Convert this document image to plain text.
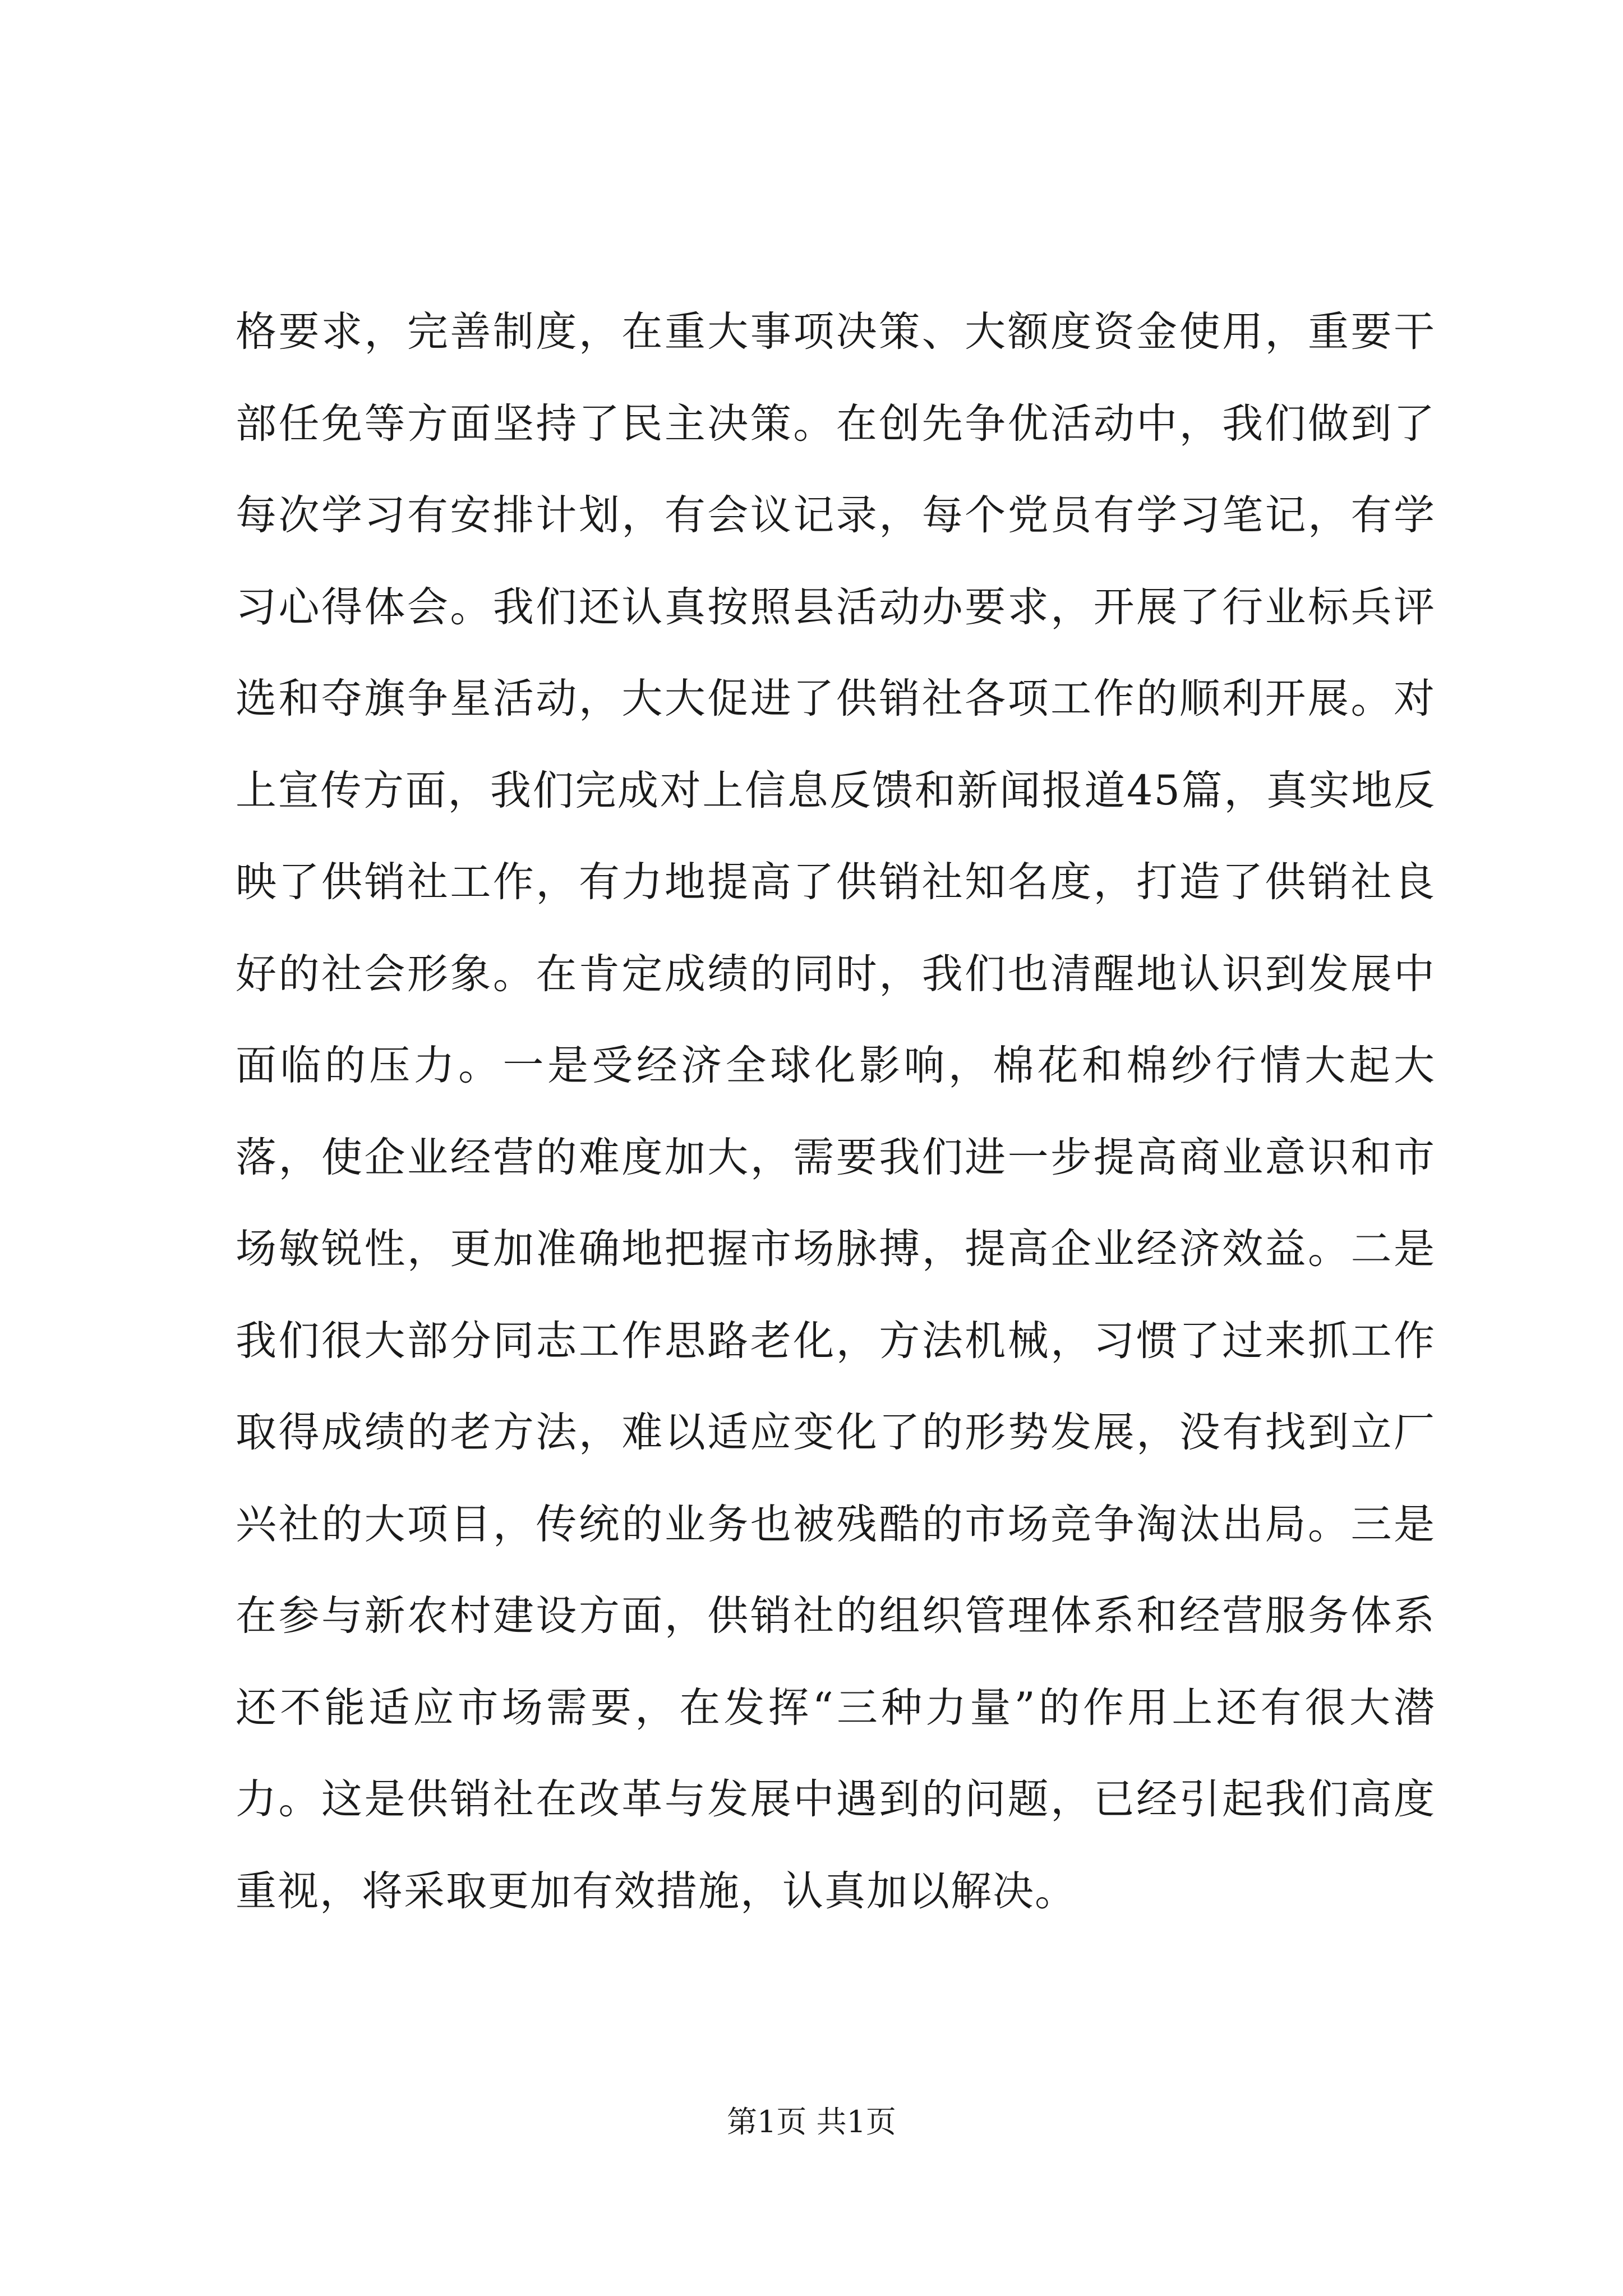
格要求，完善制度，在重大事项决策、大额度资金使用，重要干部任免等方面坚持了民主决策。在创先争优活动中，我们做到了每次学习有安排计划，有会议记录，每个党员有学习笔记，有学习心得体会。我们还认真按照县活动办要求，开展了行业标兵评选和夺旗争星活动，大大促进了供销社各项工作的顺利开展。对上宣传方面，我们完成对上信息反馈和新闻报道45篇，真实地反映了供销社工作，有力地提高了供销社知名度，打造了供销社良好的社会形象。在肯定成绩的同时，我们也清醒地认识到发展中面临的压力。一是受经济全球化影响，棉花和棉纱行情大起大落，使企业经营的难度加大，需要我们进一步提高商业意识和市场敏锐性，更加准确地把握市场脉搏，提高企业经济效益。二是我们很大部分同志工作思路老化，方法机械，习惯了过来抓工作取得成绩的老方法，难以适应变化了的形势发展，没有找到立厂兴社的大项目，传统的业务也被残酷的市场竞争淘汰出局。三是在参与新农村建设方面，供销社的组织管理体系和经营服务体系还不能适应市场需要，在发挥“三种力量”的作用上还有很大潜力。这是供销社在改革与发展中遇到的问题，已经引起我们高度重视，将采取更加有效措施，认真加以解决。

第1页 共1页
